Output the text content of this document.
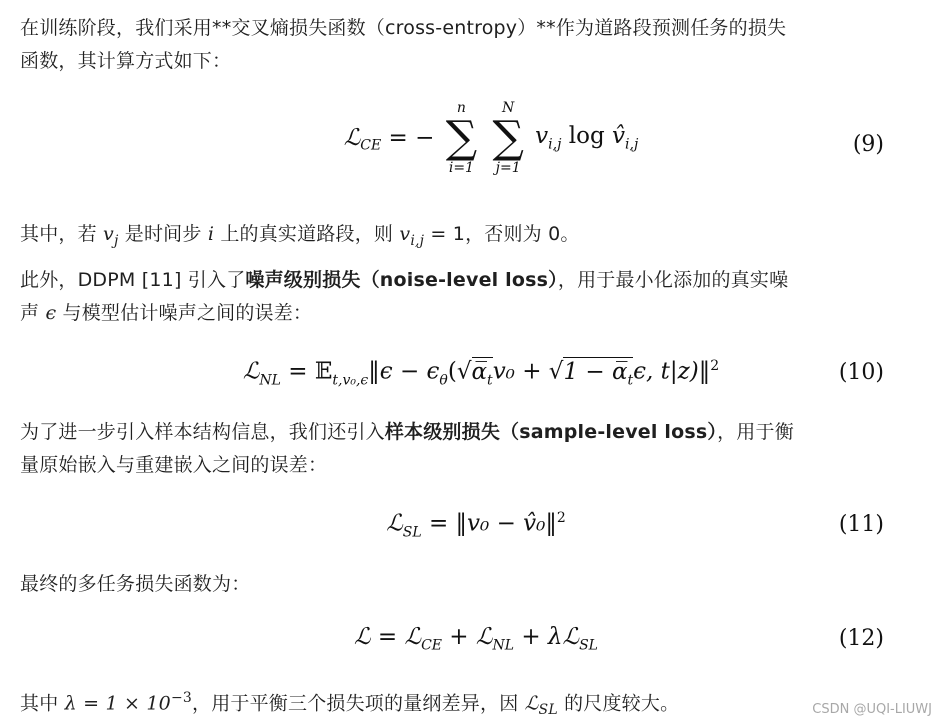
在训练阶段，我们采用**交叉熵损失函数（cross-entropy）**作为道路段预测任务的损失
函数，其计算方式如下：
ℒ$_{CE}$ = −
n
∑
i=1

N
∑
j=1
$v_{i,j}$ $\log v̂_{i,j}$	(9)
其中，若 $v_j$ 是时间步 i 上的真实道路段，则 $v_{i,j} = 1$，否则为 0。
此外，DDPM [11] 引入了噪声级别损失（noise-level loss），用于最小化添加的真实噪
声 ϵ 与模型估计噪声之间的误差：
ℒ$_{NL}$ = 𝔼$_{t,v_0,\epsilon}$‖ϵ − $\epsilon_\theta(√\alpha̅_tv_0 + √1$ − $\alpha̅_t\epsilon$, t|z)‖$^2$	(10)
为了进一步引入样本结构信息，我们还引入样本级别损失（sample-level loss），用于衡
量原始嵌入与重建嵌入之间的误差：
ℒ$_{SL}$ = ‖v₀ − v̂₀‖$^2$	(11)
最终的多任务损失函数为：
ℒ = ℒ$_{CE}$ + ℒ$_{NL}$ + λℒ$_{SL}$	(12)
其中 $\lambda = 1 \times 10^{-3}$，用于平衡三个损失项的量纲差异，因 ℒ$_{SL}$ 的尺度较大。	CSDN @UQI-LIUWJ
